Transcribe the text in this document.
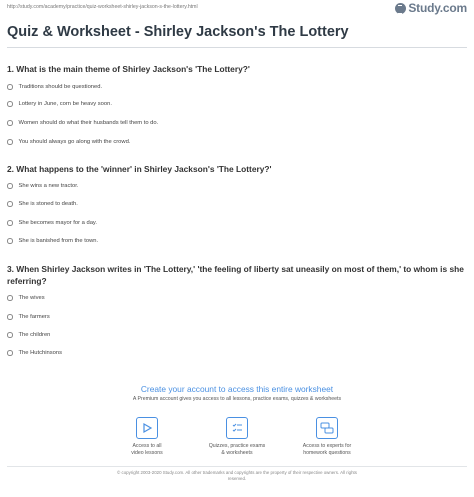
http://study.com/academy/practice/quiz-worksheet-shirley-jackson-s-the-lottery.html	Study.com
Quiz & Worksheet - Shirley Jackson's The Lottery
1. What is the main theme of Shirley Jackson's 'The Lottery?'
Traditions should be questioned.
Lottery in June, corn be heavy soon.
Women should do what their husbands tell them to do.
You should always go along with the crowd.
2. What happens to the 'winner' in Shirley Jackson's 'The Lottery?'
She wins a new tractor.
She is stoned to death.
She becomes mayor for a day.
She is banished from the town.
3. When Shirley Jackson writes in 'The Lottery,' 'the feeling of liberty sat uneasily on most of them,' to whom is she referring?
The wives
The farmers
The children
The Hutchinsons
Create your account to access this entire worksheet
A Premium account gives you access to all lessons, practice exams, quizzes & worksheets
Access to all
video lessons
Quizzes, practice exams
& worksheets
Access to experts for
homework questions
© copyright 2003-2020 Study.com. All other trademarks and copyrights are the property of their respective owners. All rights
reserved.
